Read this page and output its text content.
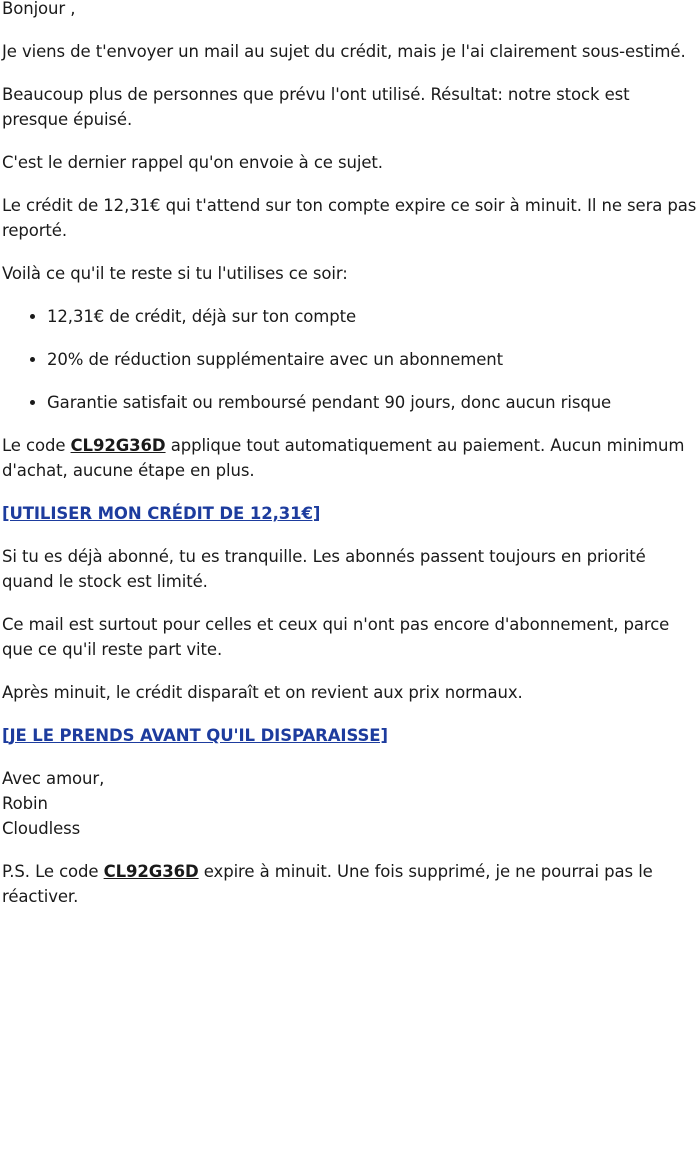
Bonjour ,

Je viens de t'envoyer un mail au sujet du crédit, mais je l'ai clairement sous-estimé.

Beaucoup plus de personnes que prévu l'ont utilisé. Résultat: notre stock est presque épuisé.

C'est le dernier rappel qu'on envoie à ce sujet.

Le crédit de 12,31€ qui t'attend sur ton compte expire ce soir à minuit. Il ne sera pas reporté.

Voilà ce qu'il te reste si tu l'utilises ce soir:

• 12,31€ de crédit, déjà sur ton compte
• 20% de réduction supplémentaire avec un abonnement
• Garantie satisfait ou remboursé pendant 90 jours, donc aucun risque

Le code CL92G36D applique tout automatiquement au paiement. Aucun minimum d'achat, aucune étape en plus.

[UTILISER MON CRÉDIT DE 12,31€]

Si tu es déjà abonné, tu es tranquille. Les abonnés passent toujours en priorité quand le stock est limité.

Ce mail est surtout pour celles et ceux qui n'ont pas encore d'abonnement, parce que ce qu'il reste part vite.

Après minuit, le crédit disparaît et on revient aux prix normaux.

[JE LE PRENDS AVANT QU'IL DISPARAISSE]

Avec amour,
Robin
Cloudless

P.S. Le code CL92G36D expire à minuit. Une fois supprimé, je ne pourrai pas le réactiver.
